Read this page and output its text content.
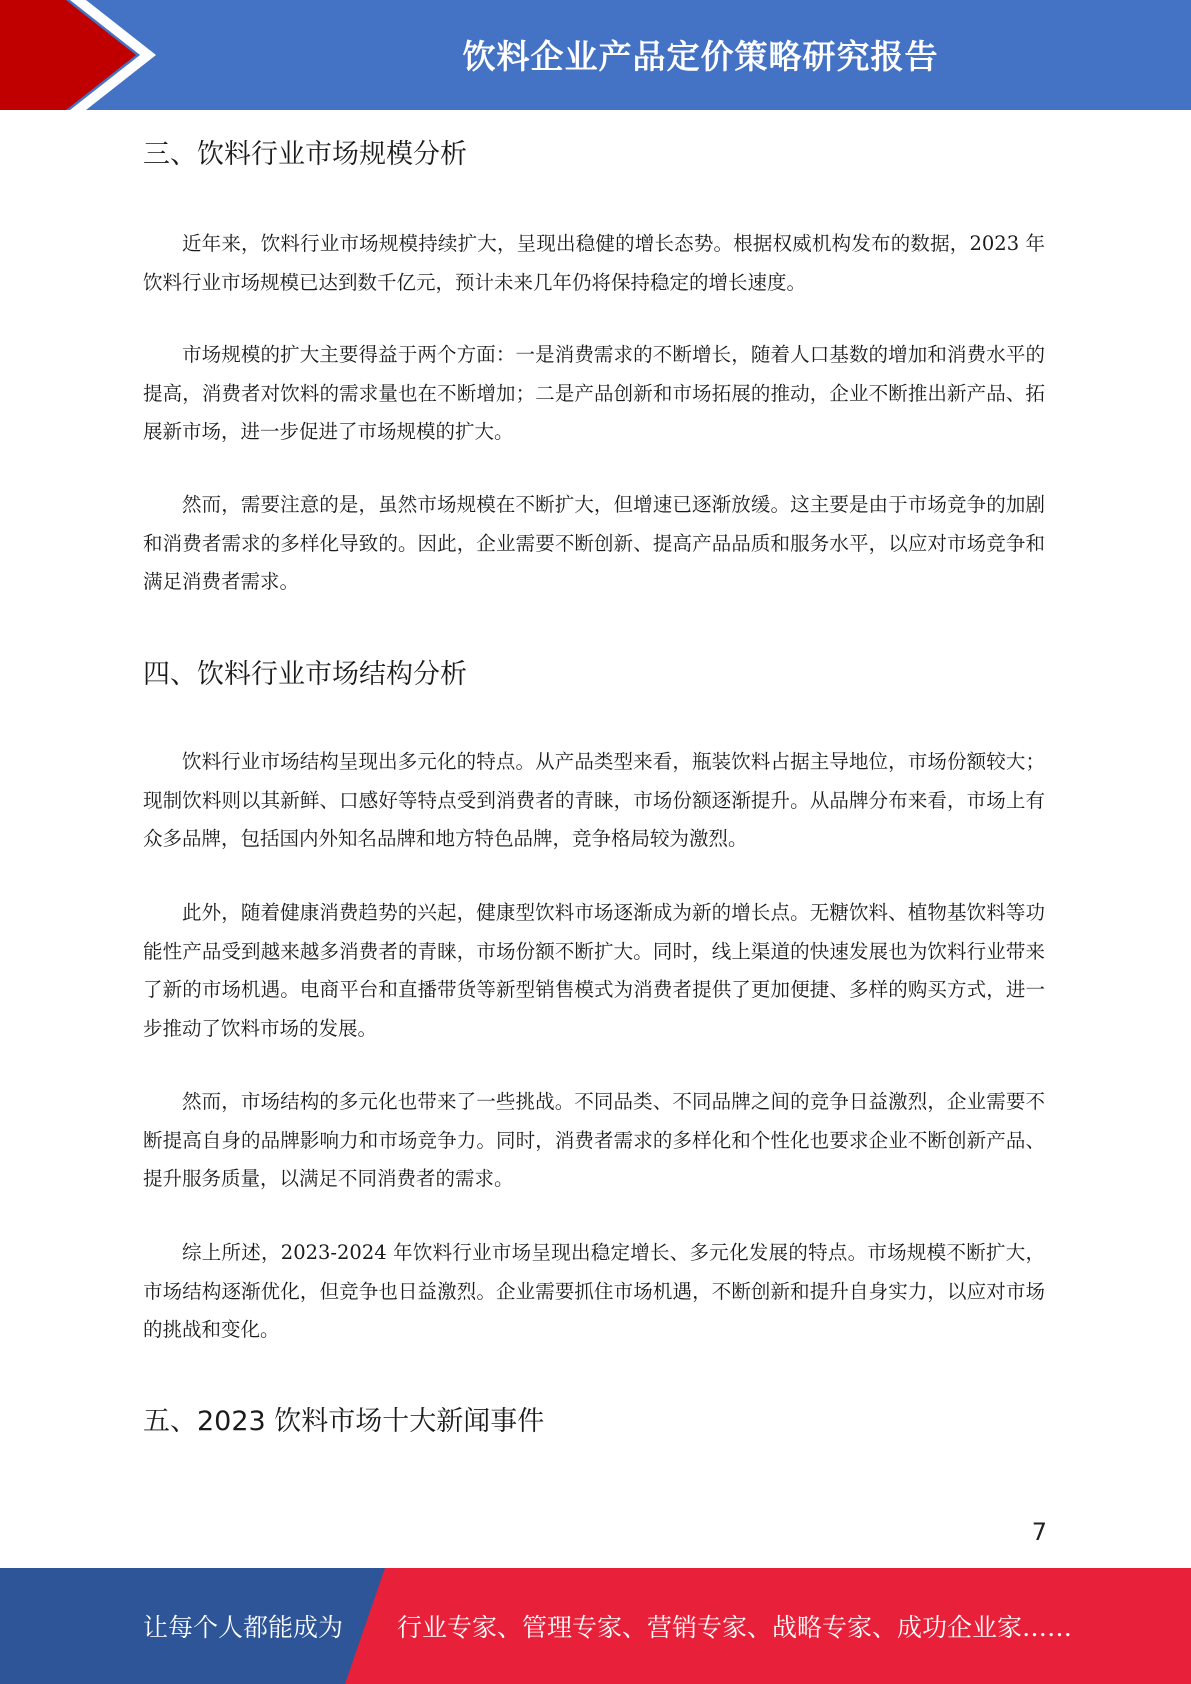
饮料企业产品定价策略研究报告
三、饮料行业市场规模分析

近年来，饮料行业市场规模持续扩大，呈现出稳健的增长态势。根据权威机构发布的数据，2023 年饮料行业市场规模已达到数千亿元，预计未来几年仍将保持稳定的增长速度。

市场规模的扩大主要得益于两个方面：一是消费需求的不断增长，随着人口基数的增加和消费水平的提高，消费者对饮料的需求量也在不断增加；二是产品创新和市场拓展的推动，企业不断推出新产品、拓展新市场，进一步促进了市场规模的扩大。

然而，需要注意的是，虽然市场规模在不断扩大，但增速已逐渐放缓。这主要是由于市场竞争的加剧和消费者需求的多样化导致的。因此，企业需要不断创新、提高产品品质和服务水平，以应对市场竞争和满足消费者需求。

四、饮料行业市场结构分析

饮料行业市场结构呈现出多元化的特点。从产品类型来看，瓶装饮料占据主导地位，市场份额较大；现制饮料则以其新鲜、口感好等特点受到消费者的青睐，市场份额逐渐提升。从品牌分布来看，市场上有众多品牌，包括国内外知名品牌和地方特色品牌，竞争格局较为激烈。

此外，随着健康消费趋势的兴起，健康型饮料市场逐渐成为新的增长点。无糖饮料、植物基饮料等功能性产品受到越来越多消费者的青睐，市场份额不断扩大。同时，线上渠道的快速发展也为饮料行业带来了新的市场机遇。电商平台和直播带货等新型销售模式为消费者提供了更加便捷、多样的购买方式，进一步推动了饮料市场的发展。

然而，市场结构的多元化也带来了一些挑战。不同品类、不同品牌之间的竞争日益激烈，企业需要不断提高自身的品牌影响力和市场竞争力。同时，消费者需求的多样化和个性化也要求企业不断创新产品、提升服务质量，以满足不同消费者的需求。

综上所述，2023-2024 年饮料行业市场呈现出稳定增长、多元化发展的特点。市场规模不断扩大，市场结构逐渐优化，但竞争也日益激烈。企业需要抓住市场机遇，不断创新和提升自身实力，以应对市场的挑战和变化。

五、2023 饮料市场十大新闻事件
7
让每个人都能成为 行业专家、管理专家、营销专家、战略专家、成功企业家……
